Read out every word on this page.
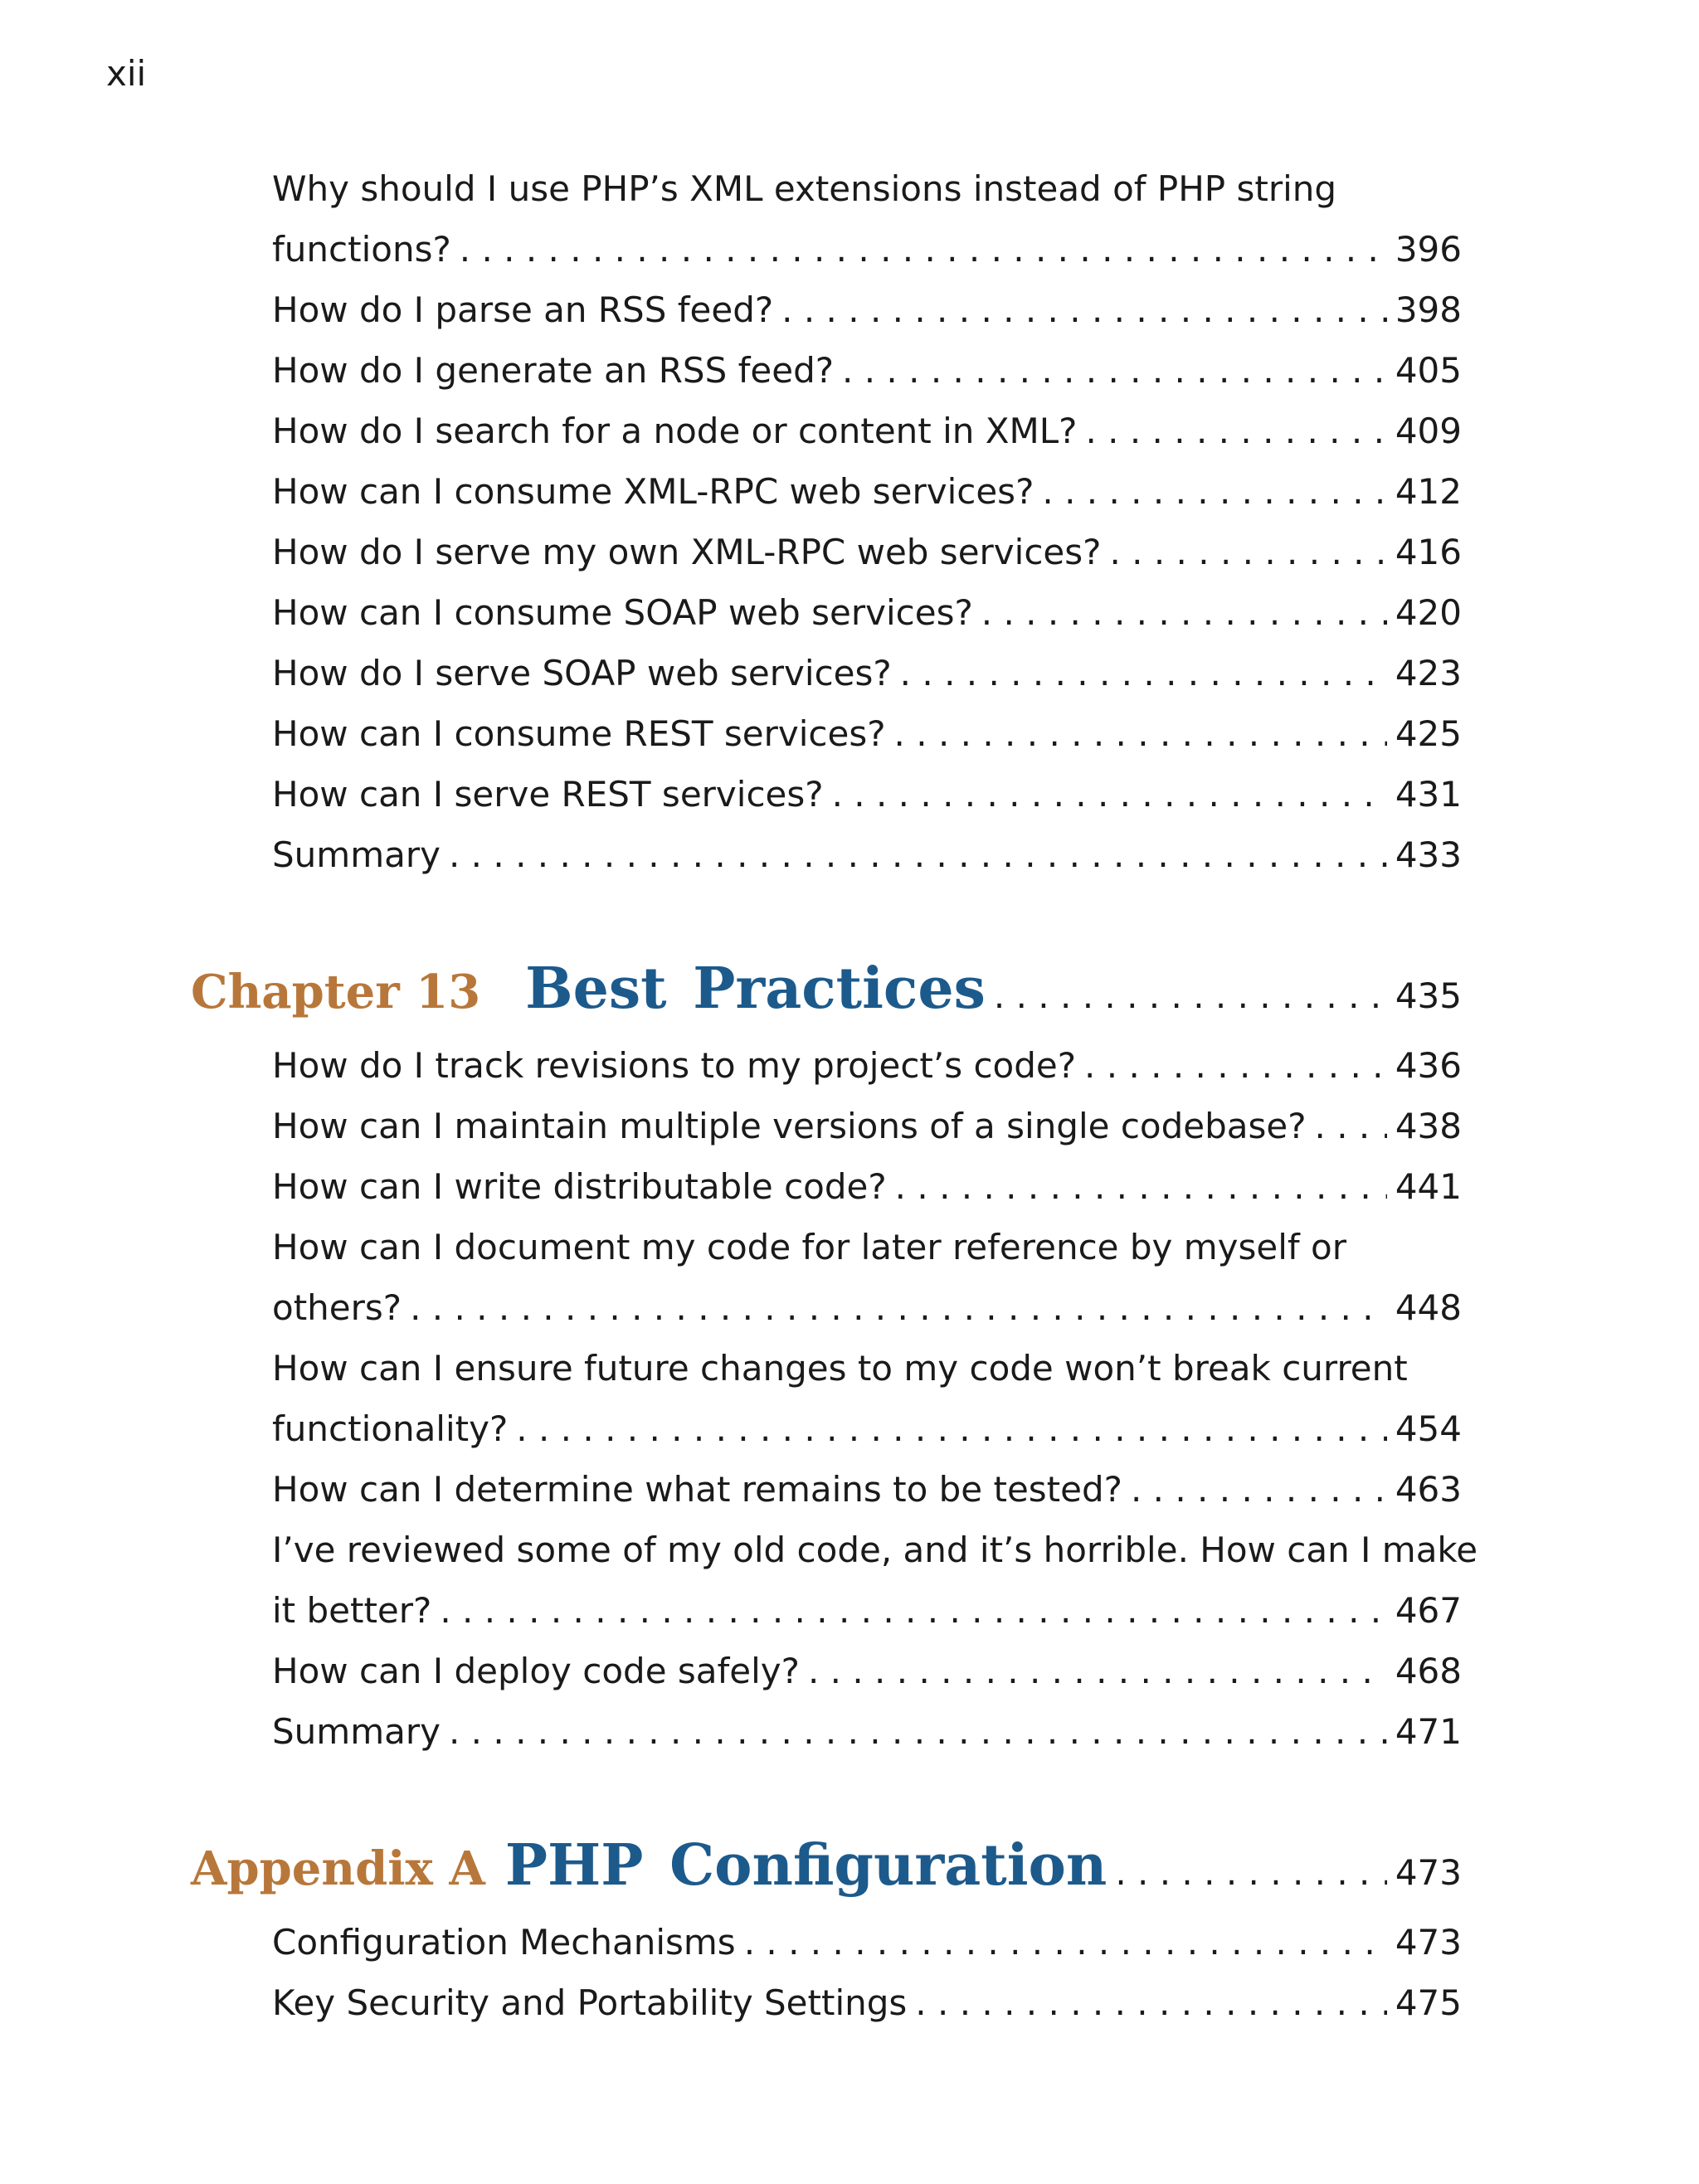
xii
Why should I use PHP’s XML extensions instead of PHP string
functions? . . .	396
How do I parse an RSS feed? . . .	398
How do I generate an RSS feed? . . .	405
How do I search for a node or content in XML? . . .	409
How can I consume XML-RPC web services? . . .	412
How do I serve my own XML-RPC web services? . . .	416
How can I consume SOAP web services? . . .	420
How do I serve SOAP web services? . . .	423
How can I consume REST services? . . .	425
How can I serve REST services? . . .	431
Summary . . .	433
Chapter 13 Best Practices . . .	435
How do I track revisions to my project’s code? . . .	436
How can I maintain multiple versions of a single codebase? . . .	438
How can I write distributable code? . . .	441
How can I document my code for later reference by myself or
others? . . .	448
How can I ensure future changes to my code won’t break current
functionality? . . .	454
How can I determine what remains to be tested? . . .	463
I’ve reviewed some of my old code, and it’s horrible. How can I make
it better? . . .	467
How can I deploy code safely? . . .	468
Summary . . .	471
Appendix A PHP Configuration . . .	473
Configuration Mechanisms . . .	473
Key Security and Portability Settings . . .	475
